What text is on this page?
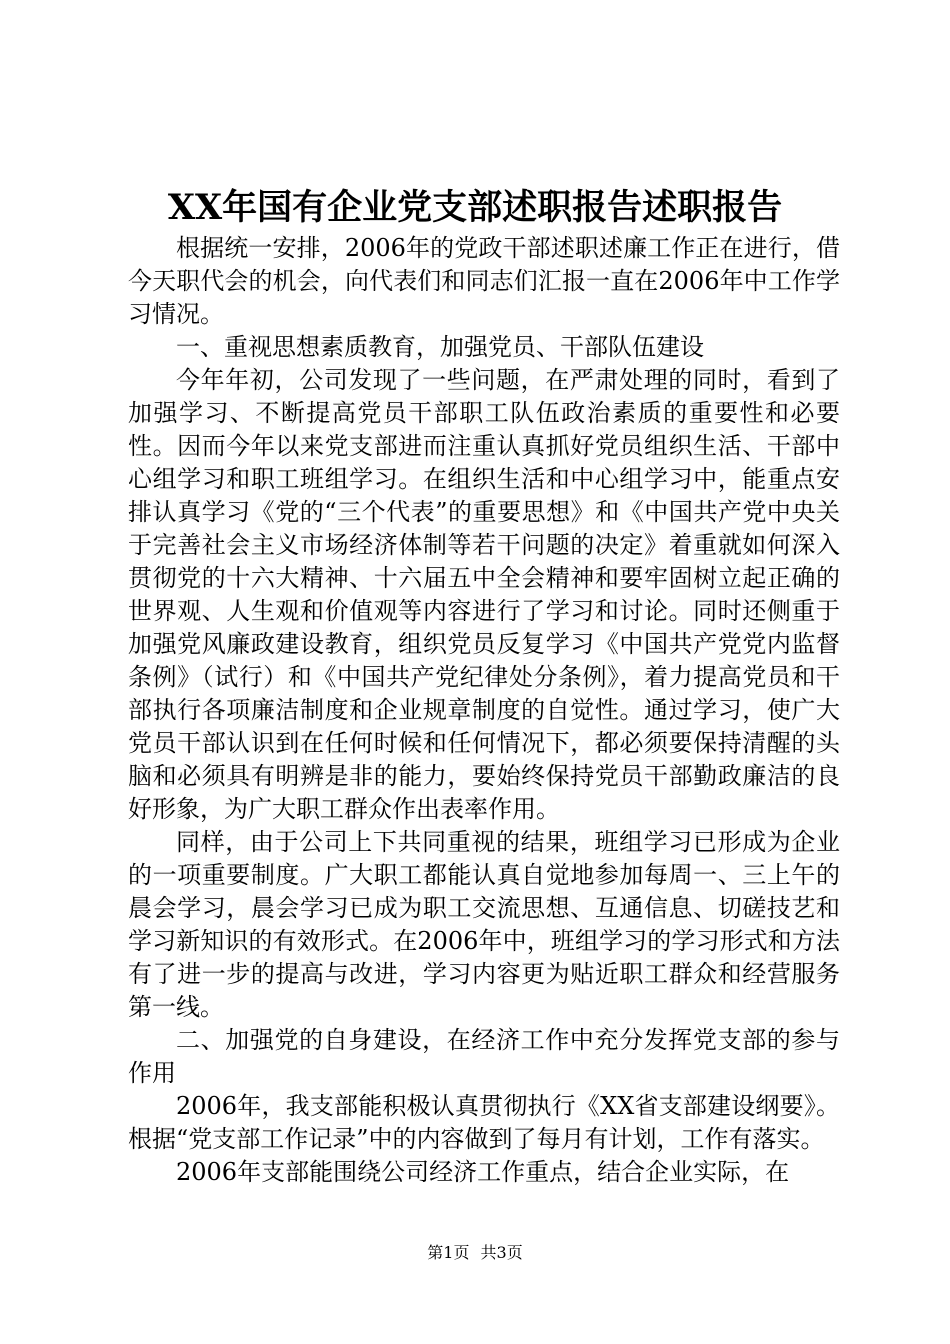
XX年国有企业党支部述职报告述职报告

根据统一安排，2006年的党政干部述职述廉工作正在进行，借今天职代会的机会，向代表们和同志们汇报一直在2006年中工作学习情况。

一、重视思想素质教育，加强党员、干部队伍建设

今年年初，公司发现了一些问题，在严肃处理的同时，看到了加强学习、不断提高党员干部职工队伍政治素质的重要性和必要性。因而今年以来党支部进而注重认真抓好党员组织生活、干部中心组学习和职工班组学习。在组织生活和中心组学习中，能重点安排认真学习《党的“三个代表”的重要思想》和《中国共产党中央关于完善社会主义市场经济体制等若干问题的决定》着重就如何深入贯彻党的十六大精神、十六届五中全会精神和要牢固树立起正确的世界观、人生观和价值观等内容进行了学习和讨论。同时还侧重于加强党风廉政建设教育，组织党员反复学习《中国共产党党内监督条例》（试行）和《中国共产党纪律处分条例》，着力提高党员和干部执行各项廉洁制度和企业规章制度的自觉性。通过学习，使广大党员干部认识到在任何时候和任何情况下，都必须要保持清醒的头脑和必须具有明辨是非的能力，要始终保持党员干部勤政廉洁的良好形象，为广大职工群众作出表率作用。

同样，由于公司上下共同重视的结果，班组学习已形成为企业的一项重要制度。广大职工都能认真自觉地参加每周一、三上午的晨会学习，晨会学习已成为职工交流思想、互通信息、切磋技艺和学习新知识的有效形式。在2006年中，班组学习的学习形式和方法有了进一步的提高与改进，学习内容更为贴近职工群众和经营服务第一线。

二、加强党的自身建设，在经济工作中充分发挥党支部的参与作用

2006年，我支部能积极认真贯彻执行《XX省支部建设纲要》。根据“党支部工作记录”中的内容做到了每月有计划，工作有落实。

2006年支部能围绕公司经济工作重点，结合企业实际，在

第1页 共3页
